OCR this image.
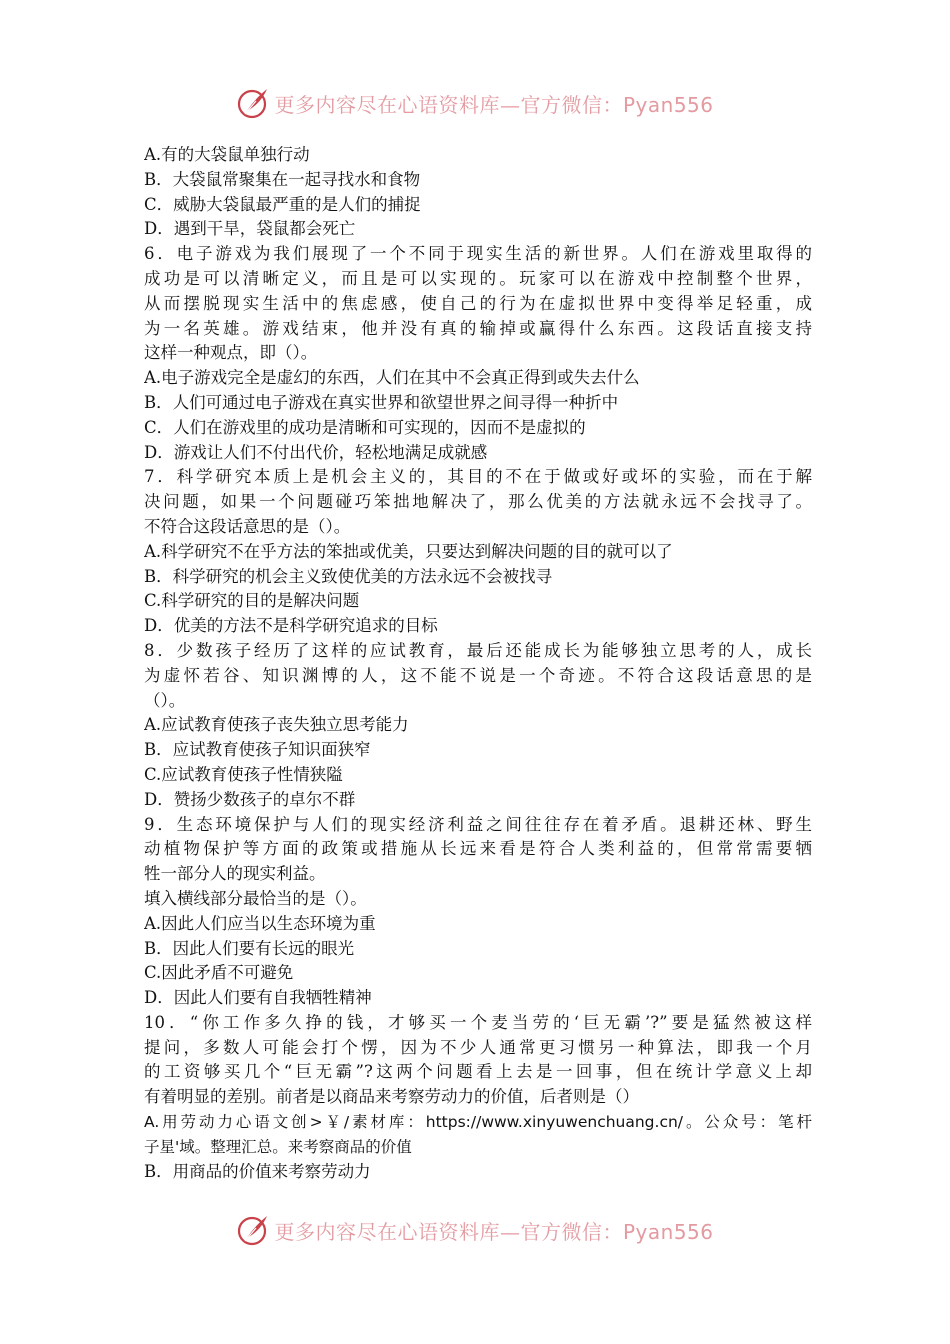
更多内容尽在心语资料库—官方微信：Pyan556
A.有的大袋鼠单独行动
B．大袋鼠常聚集在一起寻找水和食物
C．威胁大袋鼠最严重的是人们的捕捉
D．遇到干旱，袋鼠都会死亡
6．电子游戏为我们展现了一个不同于现实生活的新世界。人们在游戏里取得的
成功是可以清晰定义，而且是可以实现的。玩家可以在游戏中控制整个世界，
从而摆脱现实生活中的焦虑感，使自己的行为在虚拟世界中变得举足轻重，成
为一名英雄。游戏结束，他并没有真的输掉或赢得什么东西。这段话直接支持
这样一种观点，即（）。
A.电子游戏完全是虚幻的东西，人们在其中不会真正得到或失去什么
B．人们可通过电子游戏在真实世界和欲望世界之间寻得一种折中
C．人们在游戏里的成功是清晰和可实现的，因而不是虚拟的
D．游戏让人们不付出代价，轻松地满足成就感
7．科学研究本质上是机会主义的，其目的不在于做或好或坏的实验，而在于解
决问题，如果一个问题碰巧笨拙地解决了，那么优美的方法就永远不会找寻了。
不符合这段话意思的是（）。
A.科学研究不在乎方法的笨拙或优美，只要达到解决问题的目的就可以了
B．科学研究的机会主义致使优美的方法永远不会被找寻
C.科学研究的目的是解决问题
D．优美的方法不是科学研究追求的目标
8．少数孩子经历了这样的应试教育，最后还能成长为能够独立思考的人，成长
为虚怀若谷、知识渊博的人，这不能不说是一个奇迹。不符合这段话意思的是
（）。
A.应试教育使孩子丧失独立思考能力
B．应试教育使孩子知识面狭窄
C.应试教育使孩子性情狭隘
D．赞扬少数孩子的卓尔不群
9．生态环境保护与人们的现实经济利益之间往往存在着矛盾。退耕还林、野生
动植物保护等方面的政策或措施从长远来看是符合人类利益的，但常常需要牺
牲一部分人的现实利益。
填入横线部分最恰当的是（）。
A.因此人们应当以生态环境为重
B．因此人们要有长远的眼光
C.因此矛盾不可避免
D．因此人们要有自我牺牲精神
10．“你工作多久挣的钱，才够买一个麦当劳的‘巨无霸’?”要是猛然被这样
提问，多数人可能会打个愣，因为不少人通常更习惯另一种算法，即我一个月
的工资够买几个“巨无霸”?这两个问题看上去是一回事，但在统计学意义上却
有着明显的差别。前者是以商品来考察劳动力的价值，后者则是（）
A.用劳动力心语文创>￥/素材库：https://www.xinyuwenchuang.cn/。公众号：笔杆
子星'域。整理汇总。来考察商品的价值
B．用商品的价值来考察劳动力
更多内容尽在心语资料库—官方微信：Pyan556
